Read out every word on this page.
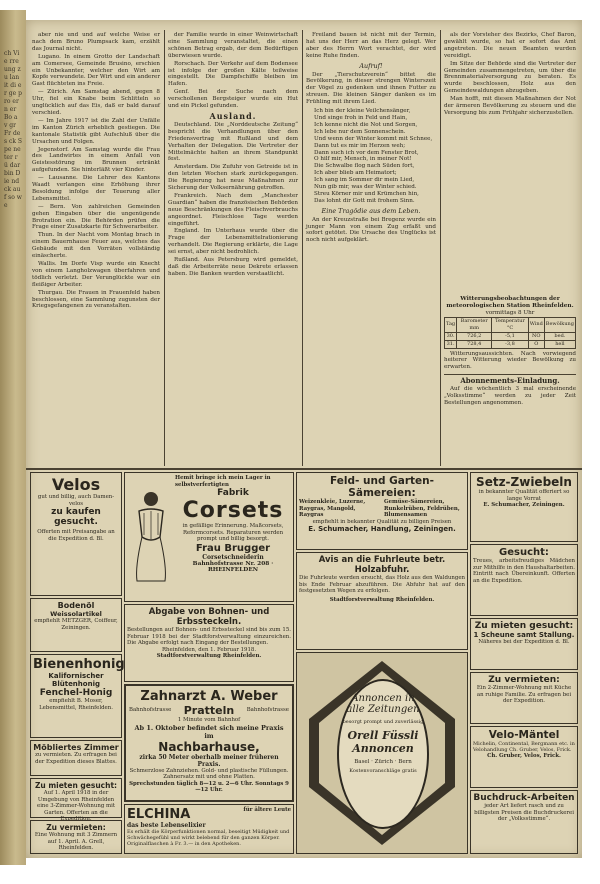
ch Vie rre ung zu lan it di er ge pro ern er Bo a v gr Fr de s ck Spe ne ter r ü dar bin Die nd ck auf so we

aber nie und und auf welche Weise er nach dem Bruno Plumpsack kam, erzählt das Journal nicht.

Lugano. In einem Grotto der Landschaft am Comersee, Gemeinde Brusino, erschien ein Unbekannter, welcher den Wirt am Kopfe verwundete. Der Wirt und ein anderer Gast flüchteten ins Freie.

— Zürich. Am Samstag abend, gegen 8 Uhr, fiel ein Knabe beim Schlitteln so unglücklich auf das Eis, daß er bald darauf verschied.

— Im Jahre 1917 ist die Zahl der Unfälle im Kanton Zürich erheblich gestiegen. Die kantonale Statistik gibt Aufschluß über die Ursachen und Folgen.

Jegenstorf. Am Samstag wurde die Frau des Landwirtes in einem Anfall von Geistesstörung im Brunnen ertränkt aufgefunden. Sie hinterläßt vier Kinder.

— Lausanne. Die Lehrer des Kantons Waadt verlangen eine Erhöhung ihrer Besoldung infolge der Teuerung aller Lebensmittel.

— Bern. Von zahlreichen Gemeinden gehen Eingaben über die ungenügende Brotration ein. Die Behörden prüfen die Frage einer Zusatzkarte für Schwerarbeiter.

Thun. In der Nacht vom Montag brach in einem Bauernhause Feuer aus, welches das Gebäude mit den Vorräten vollständig einäscherte.

Wallis. Im Dorfe Visp wurde ein Knecht von einem Langholzwagen überfahren und tödlich verletzt. Der Verunglückte war ein fleißiger Arbeiter.

Thurgau. Die Frauen in Frauenfeld haben beschlossen, eine Sammlung zugunsten der Kriegsgefangenen zu veranstalten.

der Familie wurde in einer Weinwirtschaft eine Sammlung veranstaltet, die einen schönen Betrag ergab, der dem Bedürftigen überwiesen wurde.

Rorschach. Der Verkehr auf dem Bodensee ist infolge der großen Kälte teilweise eingestellt. Die Dampfschiffe bleiben im Hafen.

Genf. Bei der Suche nach dem verschollenen Bergsteiger wurde ein Hut und ein Pickel gefunden.

Ausland.

Deutschland. Die „Norddeutsche Zeitung“ bespricht die Verhandlungen über den Friedensvertrag mit Rußland und dem Verhalten der Delegation. Die Vertreter der Mittelmächte halten an ihrem Standpunkt fest.

Amsterdam. Die Zufuhr von Getreide ist in den letzten Wochen stark zurückgegangen. Die Regierung hat neue Maßnahmen zur Sicherung der Volksernährung getroffen.

Frankreich. Nach dem „Manchester Guardian“ haben die französischen Behörden neue Beschränkungen des Fleischverbrauchs angeordnet. Fleischlose Tage werden eingeführt.

England. Im Unterhaus wurde über die Frage der Lebensmittelrationierung verhandelt. Die Regierung erklärte, die Lage sei ernst, aber nicht bedrohlich.

Rußland. Aus Petersburg wird gemeldet, daß die Arbeiterräte neue Dekrete erlassen haben. Die Banken wurden verstaatlicht.

Freiland bauen ist nicht mit der Termin, hat uns der Herr an das Herz gelegt. Wer aber des Herrn Wort verachtet, der wird keine Ruhe finden.

Aufruf!

Der „Tierschutzverein“ bittet die Bevölkerung, in dieser strengen Winterszeit der Vögel zu gedenken und ihnen Futter zu streuen. Die kleinen Sänger danken es im Frühling mit ihrem Lied.

Ich bin der kleine Veilchensänger,
Und singe froh in Feld und Hain,
Ich kenne nicht die Not und Sorgen,
Ich lebe nur dem Sonnenschein.
Und wenn der Winter kommt mit Schnee,
Dann tut es mir im Herzen weh;
Dann such ich vor dem Fenster Brot,
O hilf mir, Mensch, in meiner Not!
Die Schwalbe flog nach Süden fort,
Ich aber blieb am Heimatort;
Ich sang im Sommer dir mein Lied,
Nun gib mir, was der Winter schied.
Streu Körner mir und Krümchen hin,
Das lohnt dir Gott mit frohem Sinn.
Eine Tragödie aus dem Leben.

An der Kreuzstraße bei Bregenz wurde ein junger Mann von einem Zug erfaßt und sofort getötet. Die Ursache des Unglücks ist noch nicht aufgeklärt.

als der Vorsteher des Bezirks, Chef Baron, gewählt wurde, so hat er sofort das Amt angetreten. Die neuen Beamten wurden vereidigt.

Im Sitze der Behörde sind die Vertreter der Gemeinden zusammengetreten, um über die Brennmaterialversorgung zu beraten. Es wurde beschlossen, Holz aus den Gemeindewaldungen abzugeben.

Man hofft, mit diesen Maßnahmen der Not der ärmeren Bevölkerung zu steuern und die Versorgung bis zum Frühjahr sicherzustellen.

Witterungsbeobachtungen der meteorologischen Station Rheinfelden.
vormittags 8 Uhr
Tag	Barometer mm	Temperatur °C	Wind	Bewölkung
30.	726,2	-5,1	NO	bed.
31.	728,4	-3,8	O	hell

Witterungsaussichten. Nach vorwiegend heiterer Witterung wieder Bewölkung zu erwarten.

Abonnements-Einladung.

Auf die wöchentlich 3 mal erscheinende „Volksstimme“ werden zu jeder Zeit Bestellungen angenommen.

Velos
gut und billig, auch Damen-velos
zu kaufen gesucht.
Offerten mit Preisangabe an die Expedition d. Bl.
Bodenöl
Weissolartikel
empfiehlt METZGER, Coiffeur, Zeiningen.
Bienenhonig
Kalifornischer Blütenhonig
Fenchel-Honig
empfiehlt B. Moser, Lebensmittel, Rheinfelden.
Möbliertes Zimmer
zu vermieten. Zu erfragen bei der Expedition dieses Blattes.
Zu mieten gesucht:
Auf 1. April 1918 in der Umgebung von Rheinfelden eine 3-Zimmer-Wohnung mit Garten. Offerten an die Expedition.
Zu vermieten:
Eine Wohnung mit 3 Zimmern auf 1. April. A. Grell, Rheinfelden.
Hemit bringe ich mein Lager in selbstverfertigten
Fabrik
Corsets
in gefällige Erinnerung. Maßcorsets, Reformcorsets. Reparaturen werden prompt und billig besorgt.
Frau Brugger
Corsetschneiderin
Bahnhofstrasse Nr. 208 · RHEINFELDEN
Abgabe von Bohnen- und Erbssteckeln.
Bestellungen auf Bohnen- und Erbssteckel sind bis zum 15. Februar 1918 bei der Stadtforstverwaltung einzureichen. Die Abgabe erfolgt nach Eingang der Bestellungen.
Rheinfelden, den 1. Februar 1918.
Stadtforstverwaltung Rheinfelden.
Zahnarzt A. Weber
Bahnhofstrasse Pratteln Bahnhofstrasse
1 Minute vom Bahnhof
Ab 1. Oktober befindet sich meine Praxis im
Nachbarhause,
zirka 50 Meter oberhalb meiner früheren Praxis.
Schmerzlose Zahnziehen. Gold- und plastische Füllungen. Zahnersatz mit und ohne Platten.
Sprechstunden täglich 8—12 u. 2—6 Uhr. Sonntags 9—12 Uhr.
ELCHINA	für ältere Leute
das beste Lebenselixier
Es erhält die Körperfunktionen normal, beseitigt Müdigkeit und Schwächegefühl und wirkt belebend für den ganzen Körper.
Originalflaschen à Fr. 3.— in den Apotheken.
Feld- und Garten-Sämereien:
Weizenkleie, Luzerne, Raygras, Mangold, Raygras
Gemüse-Sämereien, Runkelrüben, Feldrüben, Blumensamen
empfiehlt in bekannter Qualität zu billigen Preisen
E. Schumacher, Handlung, Zeiningen.
Avis an die Fuhrleute betr. Holzabfuhr.
Die Fuhrleute werden ersucht, das Holz aus den Waldungen bis Ende Februar abzuführen. Die Abfuhr hat auf den festgesetzten Wegen zu erfolgen.
Stadtforstverwaltung Rheinfelden.
Annoncen in alle Zeitungen
besorgt prompt und zuverlässig
Orell Füssli
Annoncen
Basel · Zürich · Bern
Kostenvoranschläge gratis
Setz-Zwiebeln
in bekannter Qualität offeriert so lange Vorrat
E. Schumacher, Zeiningen.
Gesucht:
Treues, arbeitsfreudiges Mädchen zur Mithilfe in den Haushaltarbeiten. Eintritt nach Übereinkunft. Offerten an die Expedition.
Zu mieten gesucht:
1 Scheune samt Stallung.
Näheres bei der Expedition d. Bl.
Zu vermieten:
Ein 2-Zimmer-Wohnung mit Küche an ruhige Familie. Zu erfragen bei der Expedition.
Velo-Mäntel
Michelin, Continental, Bergmann etc. in Velohandlung Ch. Gruber, Velos, Frick.
Ch. Gruber, Velos, Frick.
Buchdruck-Arbeiten
jeder Art liefert rasch und zu billigsten Preisen die Buchdruckerei der „Volksstimme“.
